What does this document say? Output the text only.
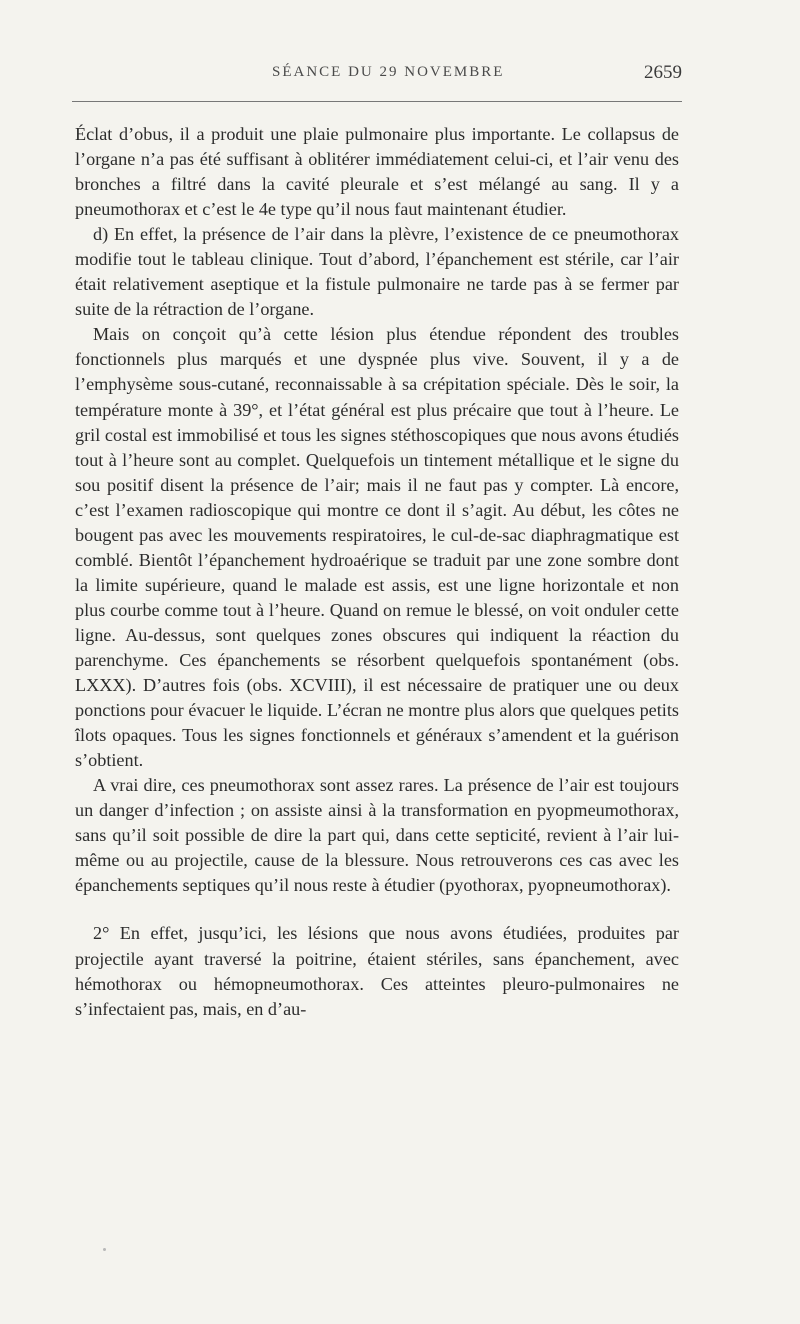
SÉANCE DU 29 NOVEMBRE	2659

Éclat d’obus, il a produit une plaie pulmonaire plus importante. Le collapsus de l’organe n’a pas été suffisant à oblitérer immédiatement celui-ci, et l’air venu des bronches a filtré dans la cavité pleurale et s’est mélangé au sang. Il y a pneumothorax et c’est le 4e type qu’il nous faut maintenant étudier.

d) En effet, la présence de l’air dans la plèvre, l’existence de ce pneumothorax modifie tout le tableau clinique. Tout d’abord, l’épanchement est stérile, car l’air était relativement aseptique et la fistule pulmonaire ne tarde pas à se fermer par suite de la rétraction de l’organe.

Mais on conçoit qu’à cette lésion plus étendue répondent des troubles fonctionnels plus marqués et une dyspnée plus vive. Souvent, il y a de l’emphysème sous-cutané, reconnaissable à sa crépitation spéciale. Dès le soir, la température monte à 39°, et l’état général est plus précaire que tout à l’heure. Le gril costal est immobilisé et tous les signes stéthoscopiques que nous avons étudiés tout à l’heure sont au complet. Quelquefois un tintement métallique et le signe du sou positif disent la présence de l’air; mais il ne faut pas y compter. Là encore, c’est l’examen radioscopique qui montre ce dont il s’agit. Au début, les côtes ne bougent pas avec les mouvements respiratoires, le cul-de-sac diaphragmatique est comblé. Bientôt l’épanchement hydroaérique se traduit par une zone sombre dont la limite supérieure, quand le malade est assis, est une ligne horizontale et non plus courbe comme tout à l’heure. Quand on remue le blessé, on voit onduler cette ligne. Au-dessus, sont quelques zones obscures qui indiquent la réaction du parenchyme. Ces épanchements se résorbent quelquefois spontanément (obs. LXXX). D’autres fois (obs. XCVIII), il est nécessaire de pratiquer une ou deux ponctions pour évacuer le liquide. L’écran ne montre plus alors que quelques petits îlots opaques. Tous les signes fonctionnels et généraux s’amendent et la guérison s’obtient.

A vrai dire, ces pneumothorax sont assez rares. La présence de l’air est toujours un danger d’infection ; on assiste ainsi à la transformation en pyopmeumothorax, sans qu’il soit possible de dire la part qui, dans cette septicité, revient à l’air lui-même ou au projectile, cause de la blessure. Nous retrouverons ces cas avec les épanchements septiques qu’il nous reste à étudier (pyothorax, pyopneumothorax).

2° En effet, jusqu’ici, les lésions que nous avons étudiées, produites par projectile ayant traversé la poitrine, étaient stériles, sans épanchement, avec hémothorax ou hémopneumothorax. Ces atteintes pleuro-pulmonaires ne s’infectaient pas, mais, en d’au-
